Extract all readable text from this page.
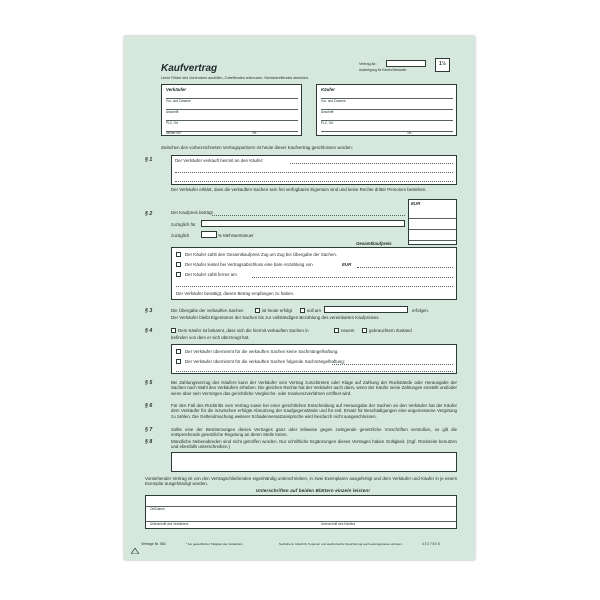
Kaufvertrag
Leere Felder des Vordruckes ausfüllen, Zutreffendes ankreuzen. Nichtzutreffendes streichen.
Vertrag-Nr.:
Ausfertigung für Käufer/Verkäufer
1½
Verkäufer
Vor- und Zuname
Anschrift
PLZ, Ort
Steuer-Nr.*	Tel.:
Käufer
Vor- und Zuname
Anschrift
PLZ, Ort
Tel.:
Zwischen den vorbezeichneten Vertragspartnern ist heute dieser Kaufvertrag geschlossen worden:
§ 1	Der Verkäufer verkauft hiermit an den Käufer:
Der Verkäufer erklärt, dass die verkauften Sachen sein frei verfügbares Eigentum sind und keine Rechte dritter Personen bestehen.
§ 2	Der Kaufpreis beträgt
zuzüglich für
zuzüglich	% Mehrwertsteuer
EUR
Gesamtkaufpreis
Der Käufer zahlt den Gesamtkaufpreis Zug um Zug bei Übergabe der Sachen.
Der Käufer leistet bei Vertragsabschluss eine bare Anzahlung von	EUR
Der Käufer zahlt ferner am
Der Verkäufer bestätigt, diesen Betrag empfangen zu haben.
§ 3	Die Übergabe der verkauften Sachen	ist heute erfolgt	soll am	erfolgen.
Der Verkäufer bleibt Eigentümer der Sachen bis zur vollständigen Bezahlung des vereinbarten Kaufpreises.
§ 4	Dem Käufer ist bekannt, dass sich die hiermit verkauften Sachen in	neuem	gebrauchtem Zustand
befinden von dem er sich überzeugt hat.
Der Verkäufer übernimmt für die verkauften Sachen keine Sachmängelhaftung.
Der Verkäufer übernimmt für die verkauften Sachen folgende Sachmängelhaftung:
§ 5	Bei Zahlungsverzug des Käufers kann der Verkäufer vom Vertrag zurücktreten oder Klage auf Zahlung der Rückstände oder Herausgabe der Sachen nach Wahl des Verkäufers erheben. Die gleichen Rechte hat der Verkäufer auch dann, wenn der Käufer seine Zahlungen einstellt und/oder wenn über sein Vermögen das gerichtliche Vergleichs- oder Insolvenzverfahren eröffnet wird.
§ 6	Für den Fall des Rücktritts vom Vertrag sowie bei einer gerichtlichen Entscheidung auf Herausgabe der Sachen an den Verkäufer hat der Käufer dem Verkäufer für die inzwischen erfolgte Abnutzung der Kaufgegenstände und für evtl. Ersatz für Beschädigungen eine angemessene Vergütung zu zahlen. Die Geltendmachung weiterer Schadensersatzansprüche wird hierdurch nicht ausgeschlossen.
§ 7	Sollte eine der Bestimmungen dieses Vertrages ganz oder teilweise gegen zwingende gesetzliche Vorschriften verstoßen, so gilt die entsprechende gesetzliche Regelung an deren Stelle treten.
§ 8	Mündliche Nebenabreden sind nicht getroffen worden. Nur schriftliche Ergänzungen dieses Vertrages haben Gültigkeit. (Ggf. Rückseite benutzen und ebenfalls unterschreiben.)
Vorstehender Vertrag ist von den Vertragschließenden eigenhändig unterschrieben, in zwei Exemplaren ausgefertigt und dem Verkäufer und Käufer in je einem Exemplar ausgehändigt worden.
Unterschriften auf beiden Blättern einzeln leisten!
Ort/Datum
Unterschrift des Verkäufers	Unterschrift des Käufers
Vertrage Nr. 584	* bei gewerblicher Tätigkeit des Verkäufers	Nachdruck, Abschrift, Kopieren und elektronische Speicherung auch auszugsweise verboten.	4 3 0 7 8 0 8
